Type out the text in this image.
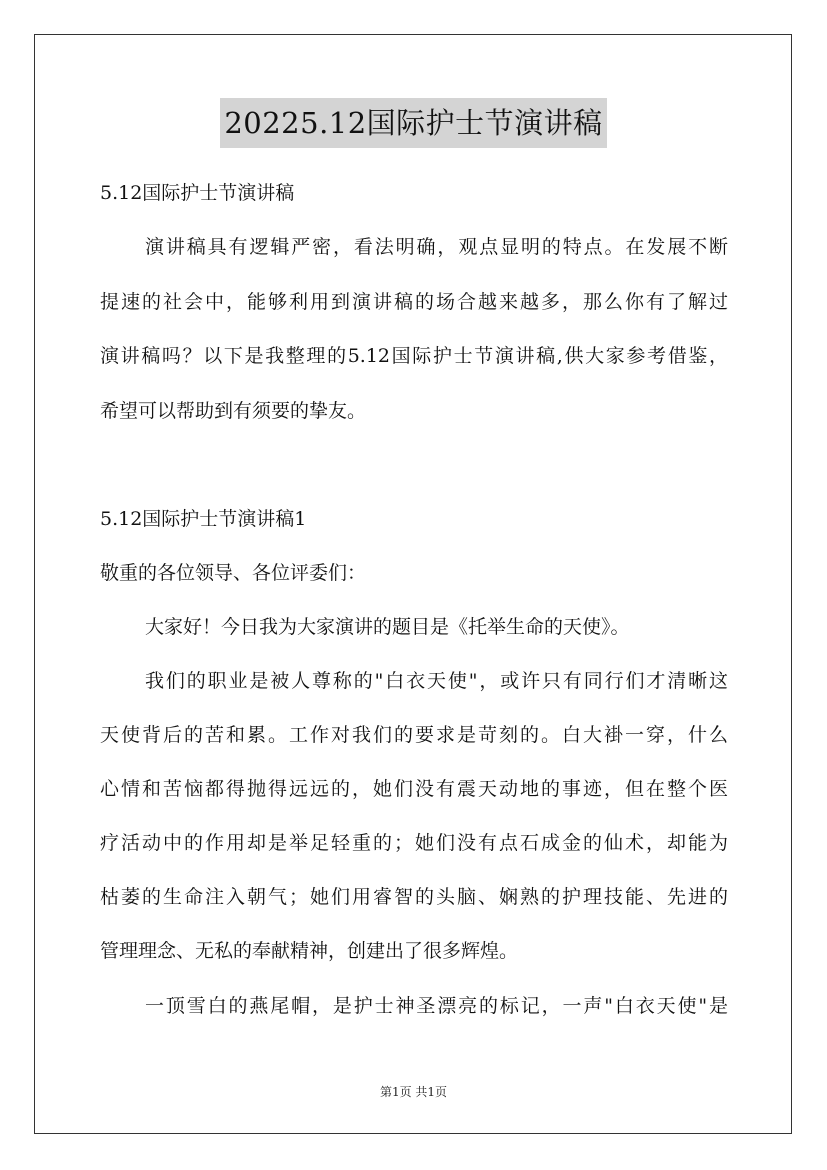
20225.12国际护士节演讲稿
5.12国际护士节演讲稿
演讲稿具有逻辑严密，看法明确，观点显明的特点。在发展不断
提速的社会中，能够利用到演讲稿的场合越来越多，那么你有了解过
演讲稿吗？以下是我整理的5.12国际护士节演讲稿,供大家参考借鉴，
希望可以帮助到有须要的挚友。
5.12国际护士节演讲稿1
敬重的各位领导、各位评委们：
大家好！今日我为大家演讲的题目是《托举生命的天使》。
我们的职业是被人尊称的"白衣天使"，或许只有同行们才清晰这
天使背后的苦和累。工作对我们的要求是苛刻的。白大褂一穿，什么
心情和苦恼都得抛得远远的，她们没有震天动地的事迹，但在整个医
疗活动中的作用却是举足轻重的；她们没有点石成金的仙术，却能为
枯萎的生命注入朝气；她们用睿智的头脑、娴熟的护理技能、先进的
管理理念、无私的奉献精神，创建出了很多辉煌。
一顶雪白的燕尾帽，是护士神圣漂亮的标记，一声"白衣天使"是
第1页 共1页
